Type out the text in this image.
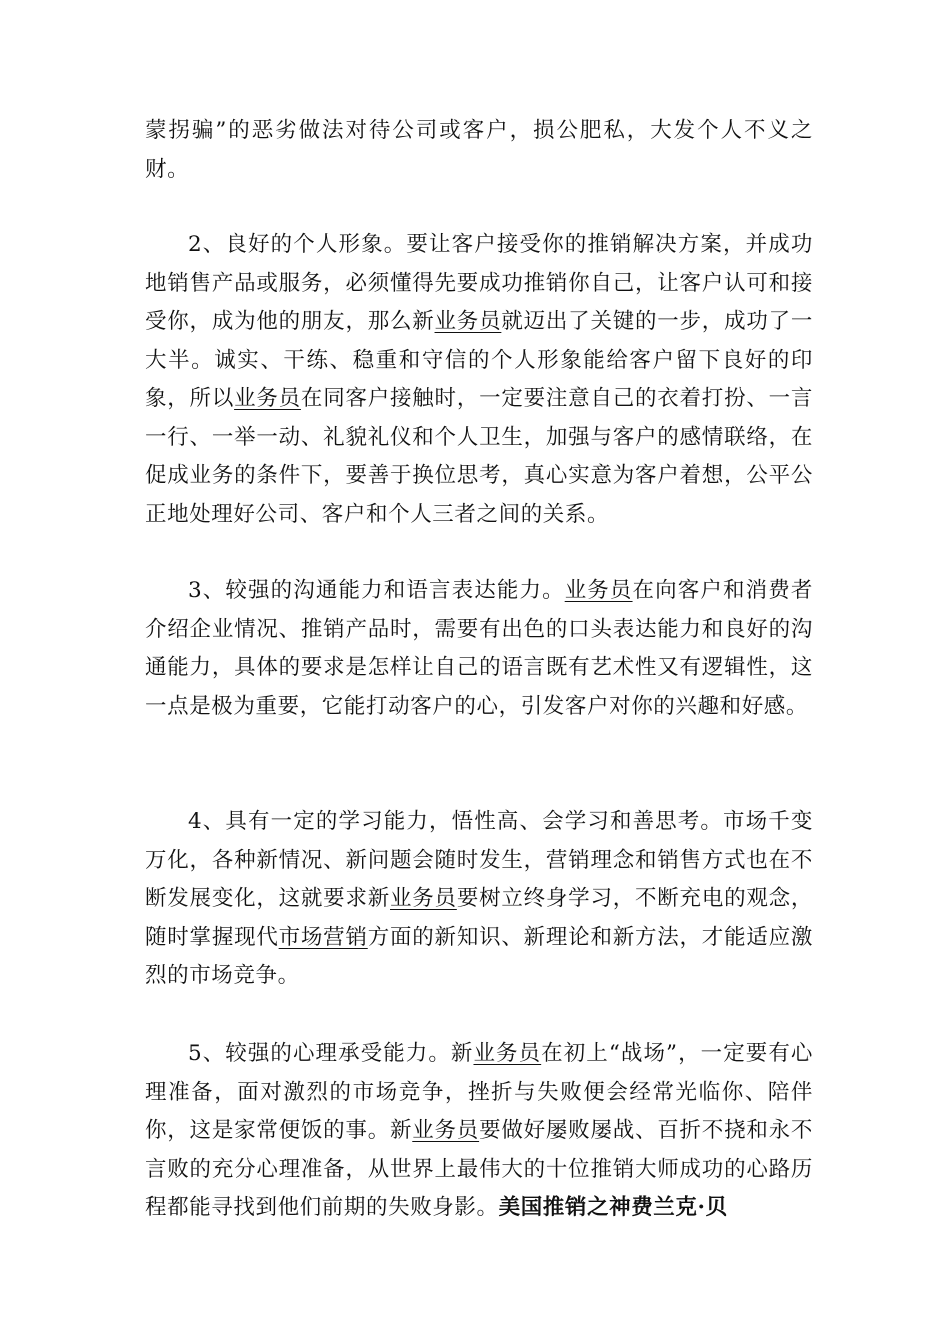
蒙拐骗”的恶劣做法对待公司或客户，损公肥私，大发个人不义之财。

2、良好的个人形象。要让客户接受你的推销解决方案，并成功地销售产品或服务，必须懂得先要成功推销你自己，让客户认可和接受你，成为他的朋友，那么新业务员就迈出了关键的一步，成功了一大半。诚实、干练、稳重和守信的个人形象能给客户留下良好的印象，所以业务员在同客户接触时，一定要注意自己的衣着打扮、一言一行、一举一动、礼貌礼仪和个人卫生，加强与客户的感情联络，在促成业务的条件下，要善于换位思考，真心实意为客户着想，公平公正地处理好公司、客户和个人三者之间的关系。

3、较强的沟通能力和语言表达能力。业务员在向客户和消费者介绍企业情况、推销产品时，需要有出色的口头表达能力和良好的沟通能力，具体的要求是怎样让自己的语言既有艺术性又有逻辑性，这一点是极为重要，它能打动客户的心，引发客户对你的兴趣和好感。

4、具有一定的学习能力，悟性高、会学习和善思考。市场千变万化，各种新情况、新问题会随时发生，营销理念和销售方式也在不断发展变化，这就要求新业务员要树立终身学习，不断充电的观念，随时掌握现代市场营销方面的新知识、新理论和新方法，才能适应激烈的市场竞争。

5、较强的心理承受能力。新业务员在初上“战场”，一定要有心理准备，面对激烈的市场竞争，挫折与失败便会经常光临你、陪伴你，这是家常便饭的事。新业务员要做好屡败屡战、百折不挠和永不言败的充分心理准备，从世界上最伟大的十位推销大师成功的心路历程都能寻找到他们前期的失败身影。美国推销之神费兰克·贝
